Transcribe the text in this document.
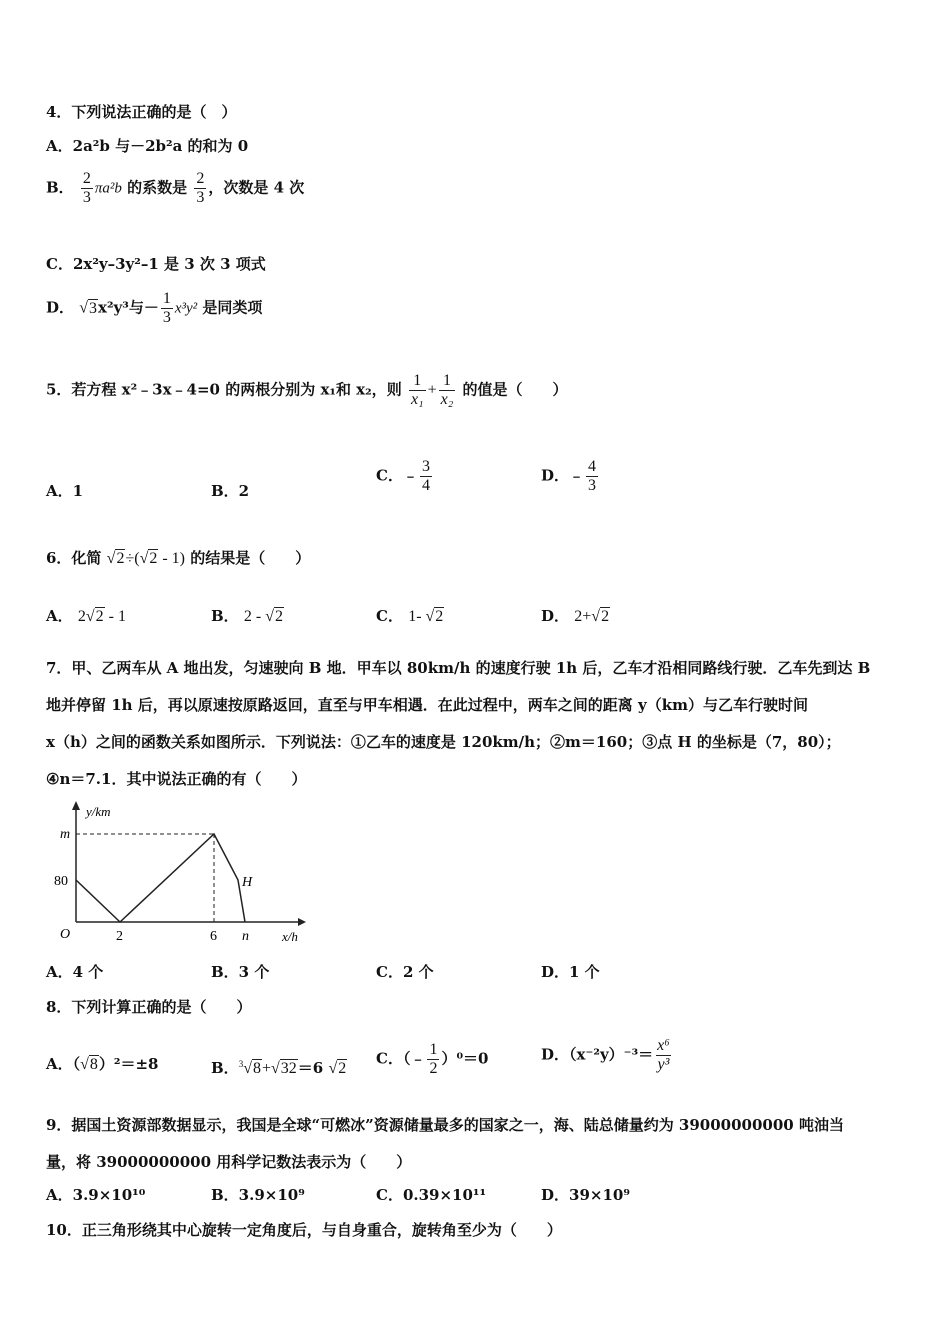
4．下列说法正确的是（　）
A．2a²b 与－2b²a 的和为 0
B． $\frac{2}{3} \pi a^2b$ 的系数是 $\frac{2}{3}$ ，次数是 4 次
C．2x²y–3y²–1 是 3 次 3 项式
D． √3x²y³与－ $\frac{1}{3} x^3y^2$ 是同类项
5．若方程 x²﹣3x﹣4=0 的两根分别为 x₁和 x₂，则 $\frac{1}{\text{x₁}} + \frac{1}{\text{x₂}}$ 的值是（　　）
A．1	B．2
C．﹣ $\frac{3}{4}$	D．﹣ $\frac{4}{3}$
6．化简 √2÷(√2 - 1) 的结果是（　　）
A． 2√2 - 1	B． 2 - √2	C． 1- √2	D． 2+√2
7．甲、乙两车从 A 地出发，匀速驶向 B 地．甲车以 80km/h 的速度行驶 1h 后，乙车才沿相同路线行驶．乙车先到达 B
地并停留 1h 后，再以原速按原路返回，直至与甲车相遇．在此过程中，两车之间的距离 y（km）与乙车行驶时间
x（h）之间的函数关系如图所示．下列说法：①乙车的速度是 120km/h；②m＝160；③点 H 的坐标是（7，80）；
④n＝7.1．其中说法正确的有（　　）
y/km
x/h
O
m
80
2	6 n
H
A．4 个	B．3 个	C．2 个	D．1 个
8．下列计算正确的是（　　）
A．（√8）²＝±8	B．$^3$√8+√32＝6 √2
C．（﹣ $\frac{1}{2} )^0=0$	D．$(x^{-2}y)^{-3}= \frac{\text{x⁶}}{\text{y³}}$
9．据国土资源部数据显示，我国是全球“可燃冰”资源储量最多的国家之一，海、陆总储量约为 39000000000 吨油当
量，将 39000000000 用科学记数法表示为（　　）
A．3.9×10¹⁰	B．3.9×10⁹	C．0.39×10¹¹	D．39×10⁹
10．正三角形绕其中心旋转一定角度后，与自身重合，旋转角至少为（　　）
